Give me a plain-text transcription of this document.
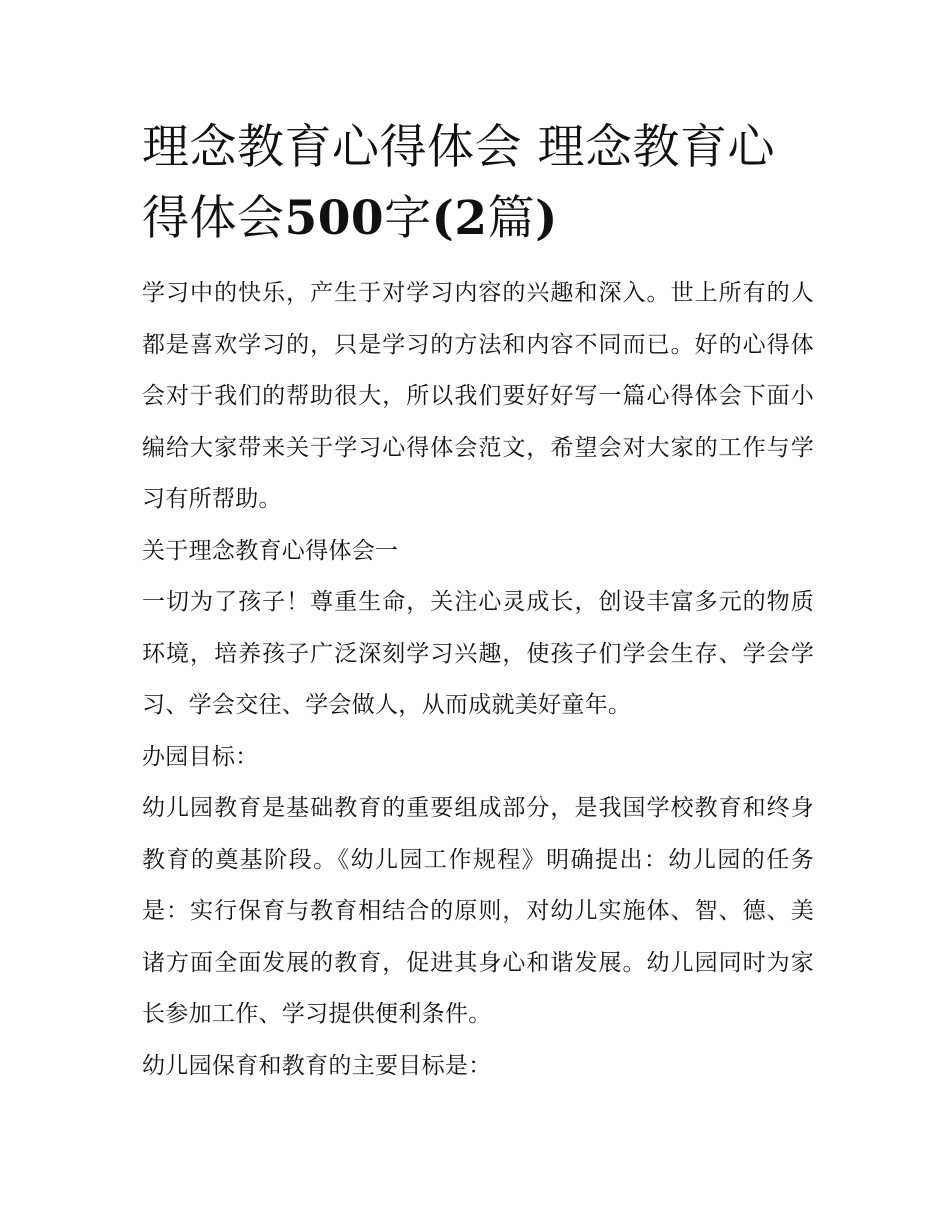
理念教育心得体会 理念教育心得体会500字(2篇)

学习中的快乐，产生于对学习内容的兴趣和深入。世上所有的人都是喜欢学习的，只是学习的方法和内容不同而已。好的心得体会对于我们的帮助很大，所以我们要好好写一篇心得体会下面小编给大家带来关于学习心得体会范文，希望会对大家的工作与学习有所帮助。

关于理念教育心得体会一

一切为了孩子！尊重生命，关注心灵成长，创设丰富多元的物质环境，培养孩子广泛深刻学习兴趣，使孩子们学会生存、学会学习、学会交往、学会做人，从而成就美好童年。

办园目标：

幼儿园教育是基础教育的重要组成部分，是我国学校教育和终身教育的奠基阶段。《幼儿园工作规程》明确提出：幼儿园的任务是：实行保育与教育相结合的原则，对幼儿实施体、智、德、美诸方面全面发展的教育，促进其身心和谐发展。幼儿园同时为家长参加工作、学习提供便利条件。

幼儿园保育和教育的主要目标是：
